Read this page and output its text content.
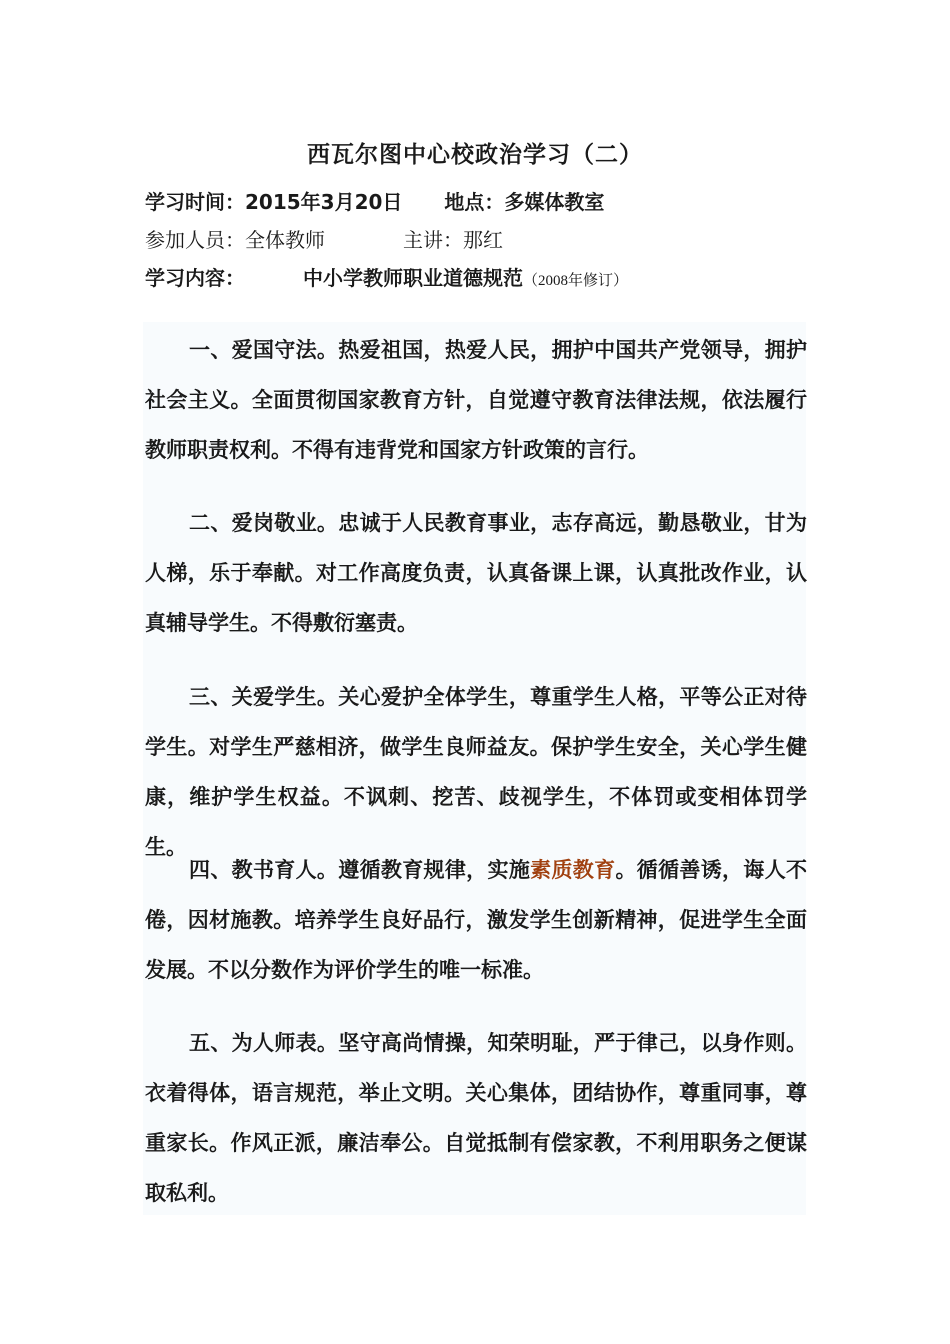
西瓦尔图中心校政治学习（二）
学习时间：2015年3月20日 地点：多媒体教室
参加人员：全体教师	主讲：那红
学习内容：	中小学教师职业道德规范（2008年修订）

一、爱国守法。热爱祖国，热爱人民，拥护中国共产党领导，拥护社会主义。全面贯彻国家教育方针，自觉遵守教育法律法规，依法履行教师职责权利。不得有违背党和国家方针政策的言行。

二、爱岗敬业。忠诚于人民教育事业，志存高远，勤恳敬业，甘为人梯，乐于奉献。对工作高度负责，认真备课上课，认真批改作业，认真辅导学生。不得敷衍塞责。

三、关爱学生。关心爱护全体学生，尊重学生人格，平等公正对待学生。对学生严慈相济，做学生良师益友。保护学生安全，关心学生健康，维护学生权益。不讽刺、挖苦、歧视学生，不体罚或变相体罚学生。

四、教书育人。遵循教育规律，实施素质教育。循循善诱，诲人不倦，因材施教。培养学生良好品行，激发学生创新精神，促进学生全面发展。不以分数作为评价学生的唯一标准。

五、为人师表。坚守高尚情操，知荣明耻，严于律己，以身作则。衣着得体，语言规范，举止文明。关心集体，团结协作，尊重同事，尊重家长。作风正派，廉洁奉公。自觉抵制有偿家教，不利用职务之便谋取私利。
